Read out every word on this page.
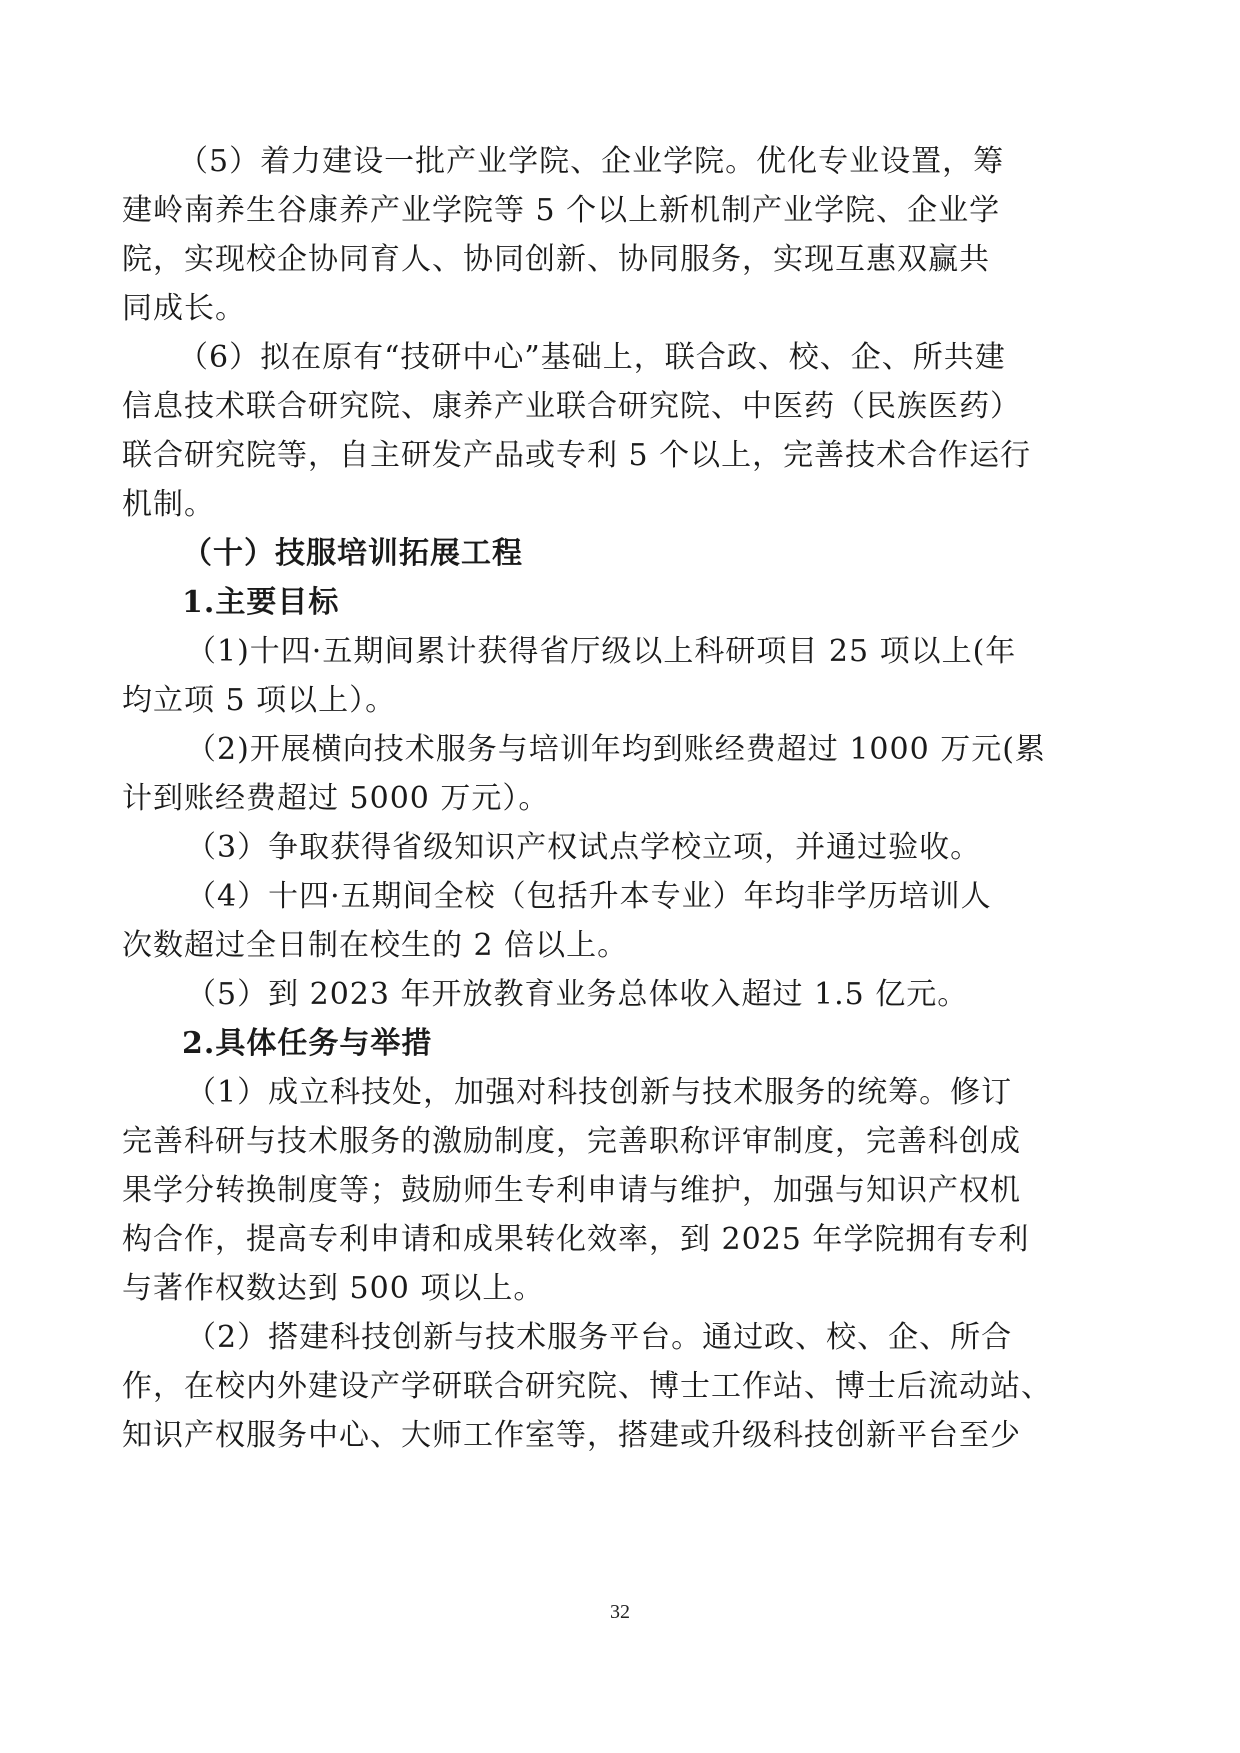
（5）着力建设一批产业学院、企业学院。优化专业设置，筹
建岭南养生谷康养产业学院等 5 个以上新机制产业学院、企业学
院，实现校企协同育人、协同创新、协同服务，实现互惠双赢共
同成长。
（6）拟在原有“技研中心”基础上，联合政、校、企、所共建
信息技术联合研究院、康养产业联合研究院、中医药（民族医药）
联合研究院等，自主研发产品或专利 5 个以上，完善技术合作运行
机制。
（十）技服培训拓展工程
1.主要目标
（1)十四·五期间累计获得省厅级以上科研项目 25 项以上(年
均立项 5 项以上）。
（2)开展横向技术服务与培训年均到账经费超过 1000 万元(累
计到账经费超过 5000 万元）。
（3）争取获得省级知识产权试点学校立项，并通过验收。
（4）十四·五期间全校（包括升本专业）年均非学历培训人
次数超过全日制在校生的 2 倍以上。
（5）到 2023 年开放教育业务总体收入超过 1.5 亿元。
2.具体任务与举措
（1）成立科技处，加强对科技创新与技术服务的统筹。修订
完善科研与技术服务的激励制度，完善职称评审制度，完善科创成
果学分转换制度等；鼓励师生专利申请与维护，加强与知识产权机
构合作，提高专利申请和成果转化效率，到 2025 年学院拥有专利
与著作权数达到 500 项以上。
（2）搭建科技创新与技术服务平台。通过政、校、企、所合
作，在校内外建设产学研联合研究院、博士工作站、博士后流动站、
知识产权服务中心、大师工作室等，搭建或升级科技创新平台至少
32
